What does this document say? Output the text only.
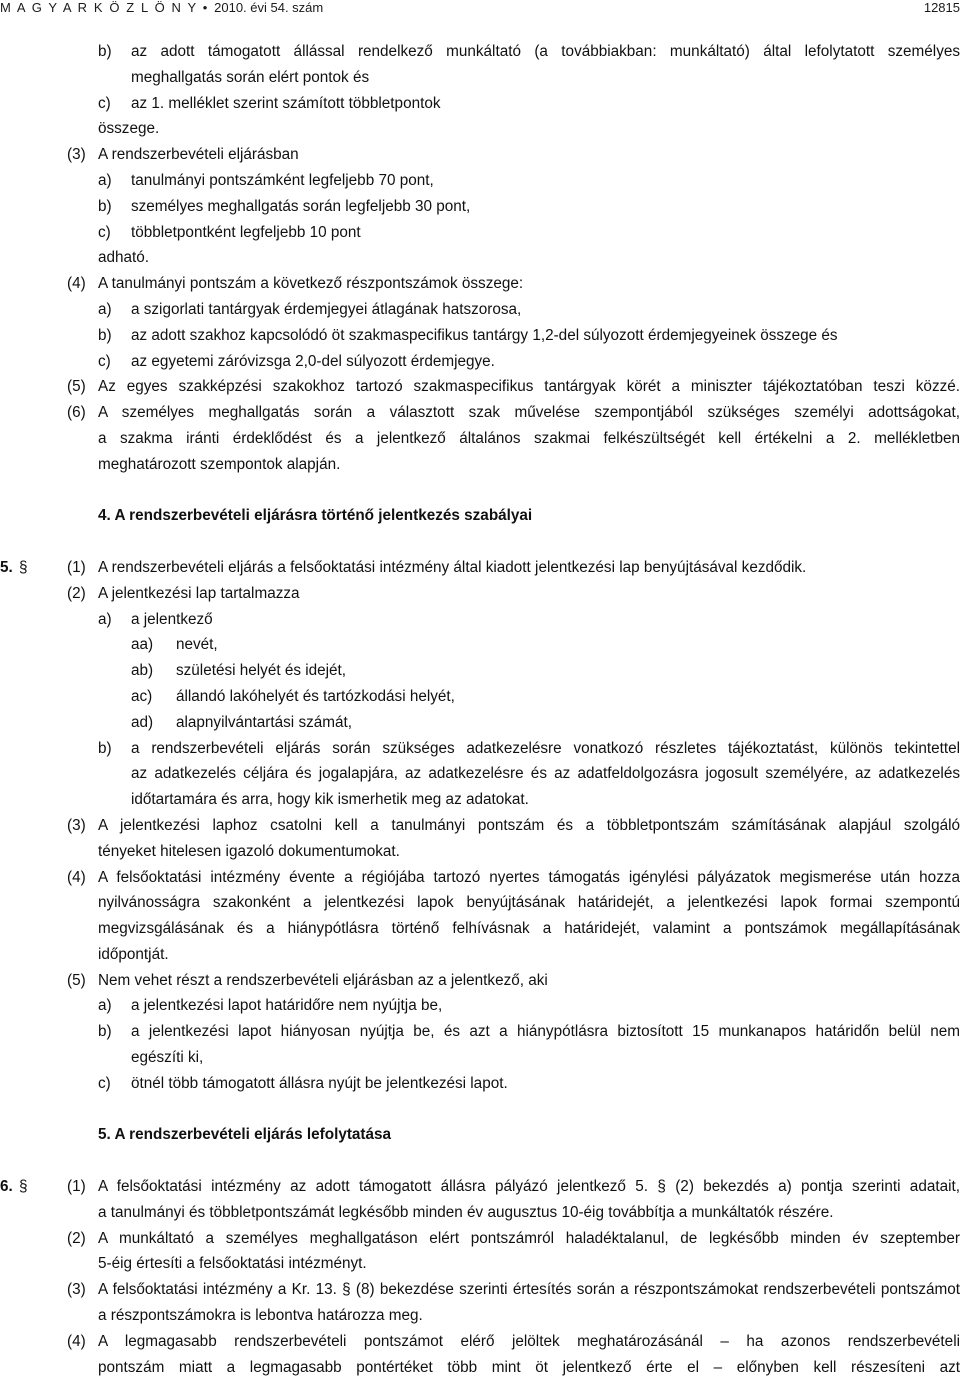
M A G Y A R K Ö Z L Ö N Y • 2010. évi 54. szám	12815
b) az adott támogatott állással rendelkező munkáltató (a továbbiakban: munkáltató) által lefolytatott személyes
meghallgatás során elért pontok és
c) az 1. melléklet szerint számított többletpontok
összege.
(3) A rendszerbevételi eljárásban
a) tanulmányi pontszámként legfeljebb 70 pont,
b) személyes meghallgatás során legfeljebb 30 pont,
c) többletpontként legfeljebb 10 pont
adható.
(4) A tanulmányi pontszám a következő részpontszámok összege:
a) a szigorlati tantárgyak érdemjegyei átlagának hatszorosa,
b) az adott szakhoz kapcsolódó öt szakmaspecifikus tantárgy 1,2-del súlyozott érdemjegyeinek összege és
c) az egyetemi záróvizsga 2,0-del súlyozott érdemjegye.
(5) Az egyes szakképzési szakokhoz tartozó szakmaspecifikus tantárgyak körét a miniszter tájékoztatóban teszi közzé.
(6) A személyes meghallgatás során a választott szak művelése szempontjából szükséges személyi adottságokat,
a szakma iránti érdeklődést és a jelentkező általános szakmai felkészültségét kell értékelni a 2. mellékletben
meghatározott szempontok alapján.
4. A rendszerbevételi eljárásra történő jelentkezés szabályai
5. §	(1) A rendszerbevételi eljárás a felsőoktatási intézmény által kiadott jelentkezési lap benyújtásával kezdődik.
(2) A jelentkezési lap tartalmazza
a) a jelentkező
aa) nevét,
ab) születési helyét és idejét,
ac) állandó lakóhelyét és tartózkodási helyét,
ad) alapnyilvántartási számát,
b) a rendszerbevételi eljárás során szükséges adatkezelésre vonatkozó részletes tájékoztatást, különös tekintettel
az adatkezelés céljára és jogalapjára, az adatkezelésre és az adatfeldolgozásra jogosult személyére, az adatkezelés
időtartamára és arra, hogy kik ismerhetik meg az adatokat.
(3) A jelentkezési laphoz csatolni kell a tanulmányi pontszám és a többletpontszám számításának alapjául szolgáló
tényeket hitelesen igazoló dokumentumokat.
(4) A felsőoktatási intézmény évente a régiójába tartozó nyertes támogatás igénylési pályázatok megismerése után hozza
nyilvánosságra szakonként a jelentkezési lapok benyújtásának határidejét, a jelentkezési lapok formai szempontú
megvizsgálásának és a hiánypótlásra történő felhívásnak a határidejét, valamint a pontszámok megállapításának
időpontját.
(5) Nem vehet részt a rendszerbevételi eljárásban az a jelentkező, aki
a) a jelentkezési lapot határidőre nem nyújtja be,
b) a jelentkezési lapot hiányosan nyújtja be, és azt a hiánypótlásra biztosított 15 munkanapos határidőn belül nem
egészíti ki,
c) ötnél több támogatott állásra nyújt be jelentkezési lapot.
5. A rendszerbevételi eljárás lefolytatása
6. §	(1) A felsőoktatási intézmény az adott támogatott állásra pályázó jelentkező 5. § (2) bekezdés a) pontja szerinti adatait,
a tanulmányi és többletpontszámát legkésőbb minden év augusztus 10-éig továbbítja a munkáltatók részére.
(2) A munkáltató a személyes meghallgatáson elért pontszámról haladéktalanul, de legkésőbb minden év szeptember
5-éig értesíti a felsőoktatási intézményt.
(3) A felsőoktatási intézmény a Kr. 13. § (8) bekezdése szerinti értesítés során a részpontszámokat rendszerbevételi pontszámot
a részpontszámokra is lebontva határozza meg.
(4) A legmagasabb rendszerbevételi pontszámot elérő jelöltek meghatározásánál – ha azonos rendszerbevételi
pontszám miatt a legmagasabb pontértéket több mint öt jelentkező érte el – előnyben kell részesíteni azt
